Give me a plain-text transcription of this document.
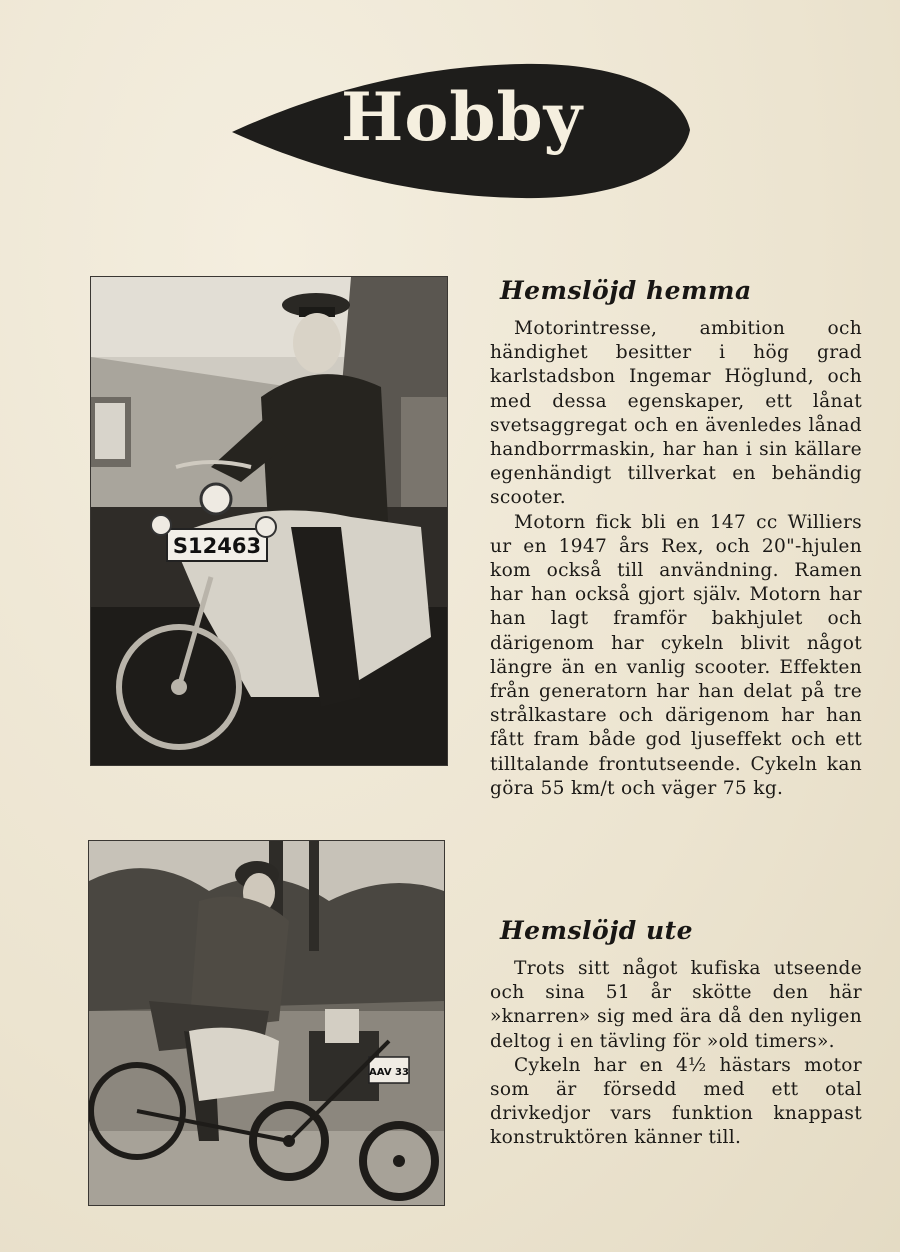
Hobby
S12463
AAV 33
Hemslöjd hemma

Motorintresse, ambition och händighet besitter i hög grad karlstadsbon Ingemar Höglund, och med dessa egenskaper, ett lånat svetsaggregat och en ävenledes lånad handborrmaskin, har han i sin källare egenhändigt tillverkat en behändig scooter.

Motorn fick bli en 147 cc Williers ur en 1947 års Rex, och 20"-hjulen kom också till användning. Ramen har han också gjort själv. Motorn har han lagt framför bakhjulet och därigenom har cykeln blivit något längre än en vanlig scooter. Effekten från generatorn har han delat på tre strålkastare och därigenom har han fått fram både god ljuseffekt och ett tilltalande frontutseende. Cykeln kan göra 55 km/t och väger 75 kg.

Hemslöjd ute

Trots sitt något kufiska utseende och sina 51 år skötte den här »knarren» sig med ära då den nyligen deltog i en tävling för »old timers».

Cykeln har en 4½ hästars motor som är försedd med ett otal drivkedjor vars funktion knappast konstruktören känner till.
